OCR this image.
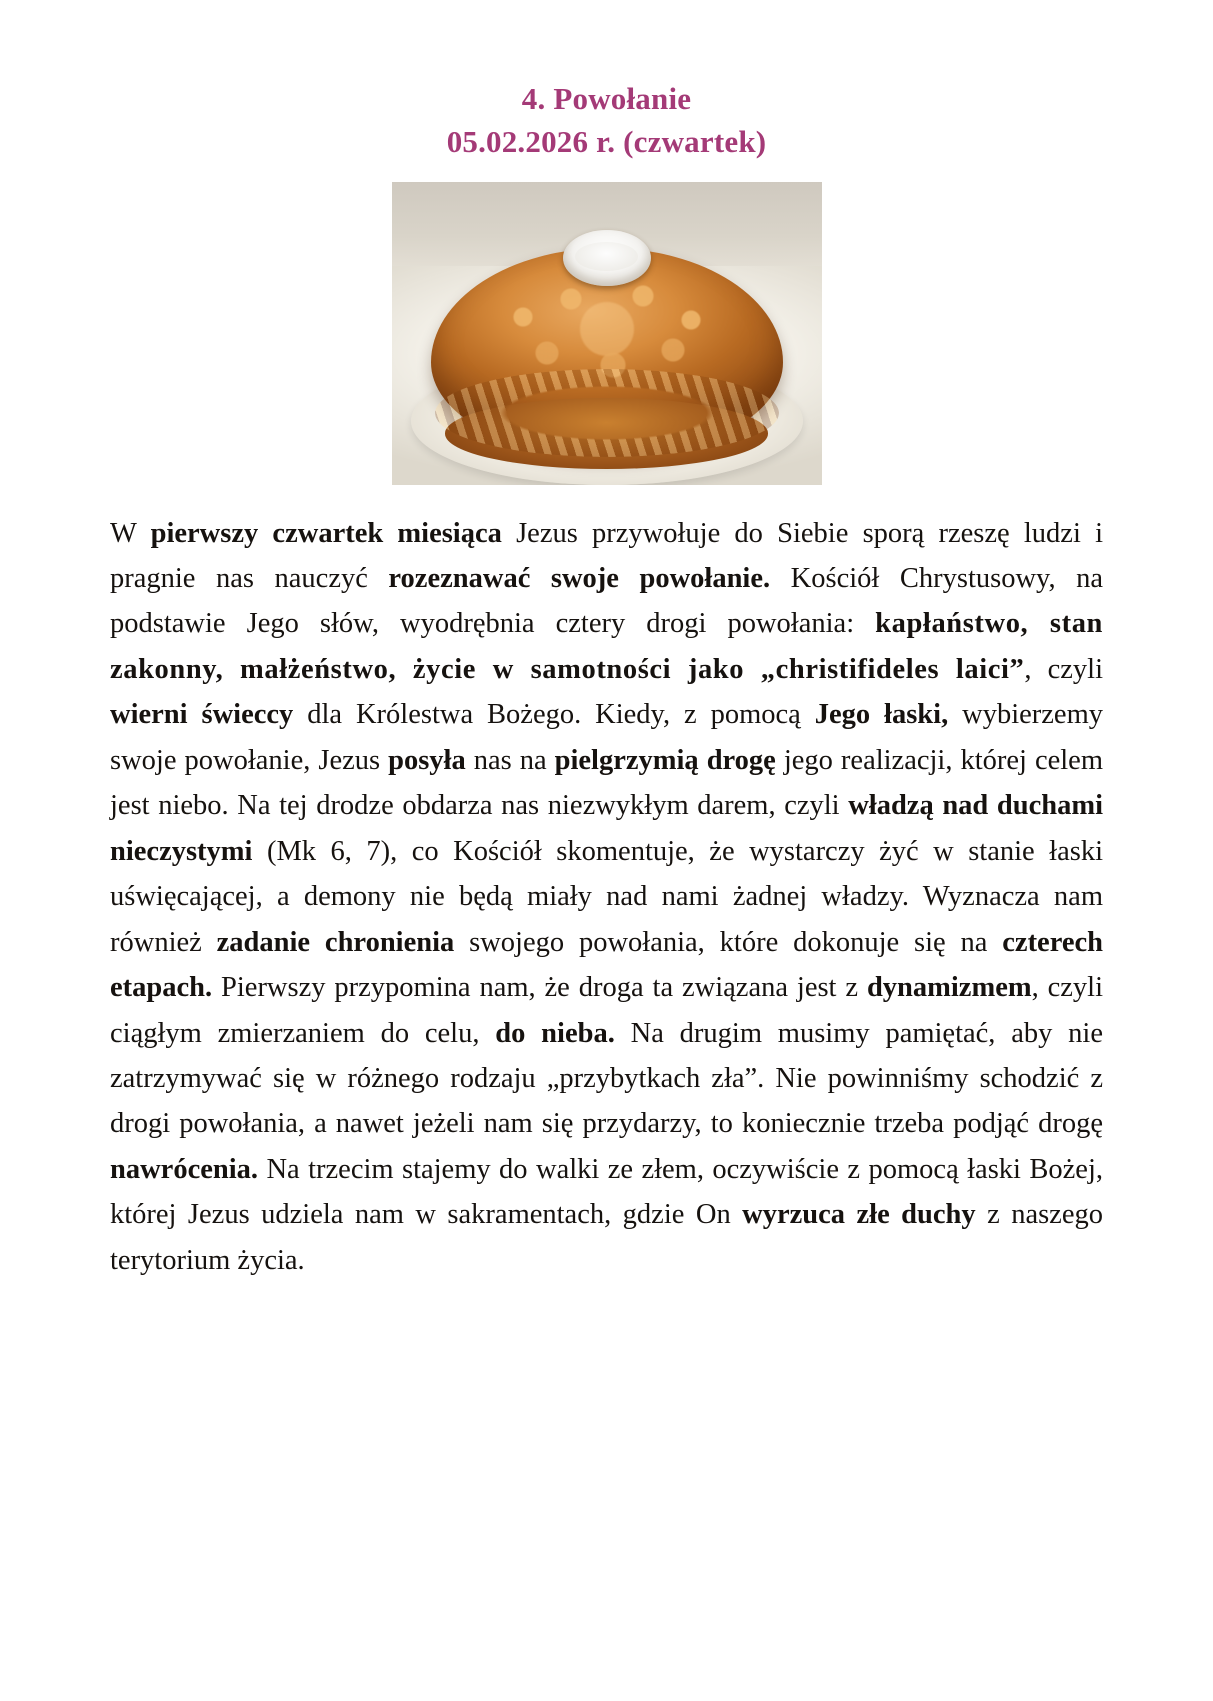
4. Powołanie
05.02.2026 r. (czwartek)

W pierwszy czwartek miesiąca Jezus przywołuje do Siebie sporą rzeszę ludzi i pragnie nas nauczyć rozeznawać swoje powołanie. Kościół Chrystusowy, na podstawie Jego słów, wyodrębnia cztery drogi powołania: kapłaństwo, stan zakonny, małżeństwo, życie w samotności jako „christifideles laici”, czyli wierni świeccy dla Królestwa Bożego. Kiedy, z pomocą Jego łaski, wybierzemy swoje powołanie, Jezus posyła nas na pielgrzymią drogę jego realizacji, której celem jest niebo. Na tej drodze obdarza nas niezwykłym darem, czyli władzą nad duchami nieczystymi (Mk 6, 7), co Kościół skomentuje, że wystarczy żyć w stanie łaski uświęcającej, a demony nie będą miały nad nami żadnej władzy. Wyznacza nam również zadanie chronienia swojego powołania, które dokonuje się na czterech etapach. Pierwszy przypomina nam, że droga ta związana jest z dynamizmem, czyli ciągłym zmierzaniem do celu, do nieba. Na drugim musimy pamiętać, aby nie zatrzymywać się w różnego rodzaju „przybytkach zła”. Nie powinniśmy schodzić z drogi powołania, a nawet jeżeli nam się przydarzy, to koniecznie trzeba podjąć drogę nawrócenia. Na trzecim stajemy do walki ze złem, oczywiście z pomocą łaski Bożej, której Jezus udziela nam w sakramentach, gdzie On wyrzuca złe duchy z naszego terytorium życia.
